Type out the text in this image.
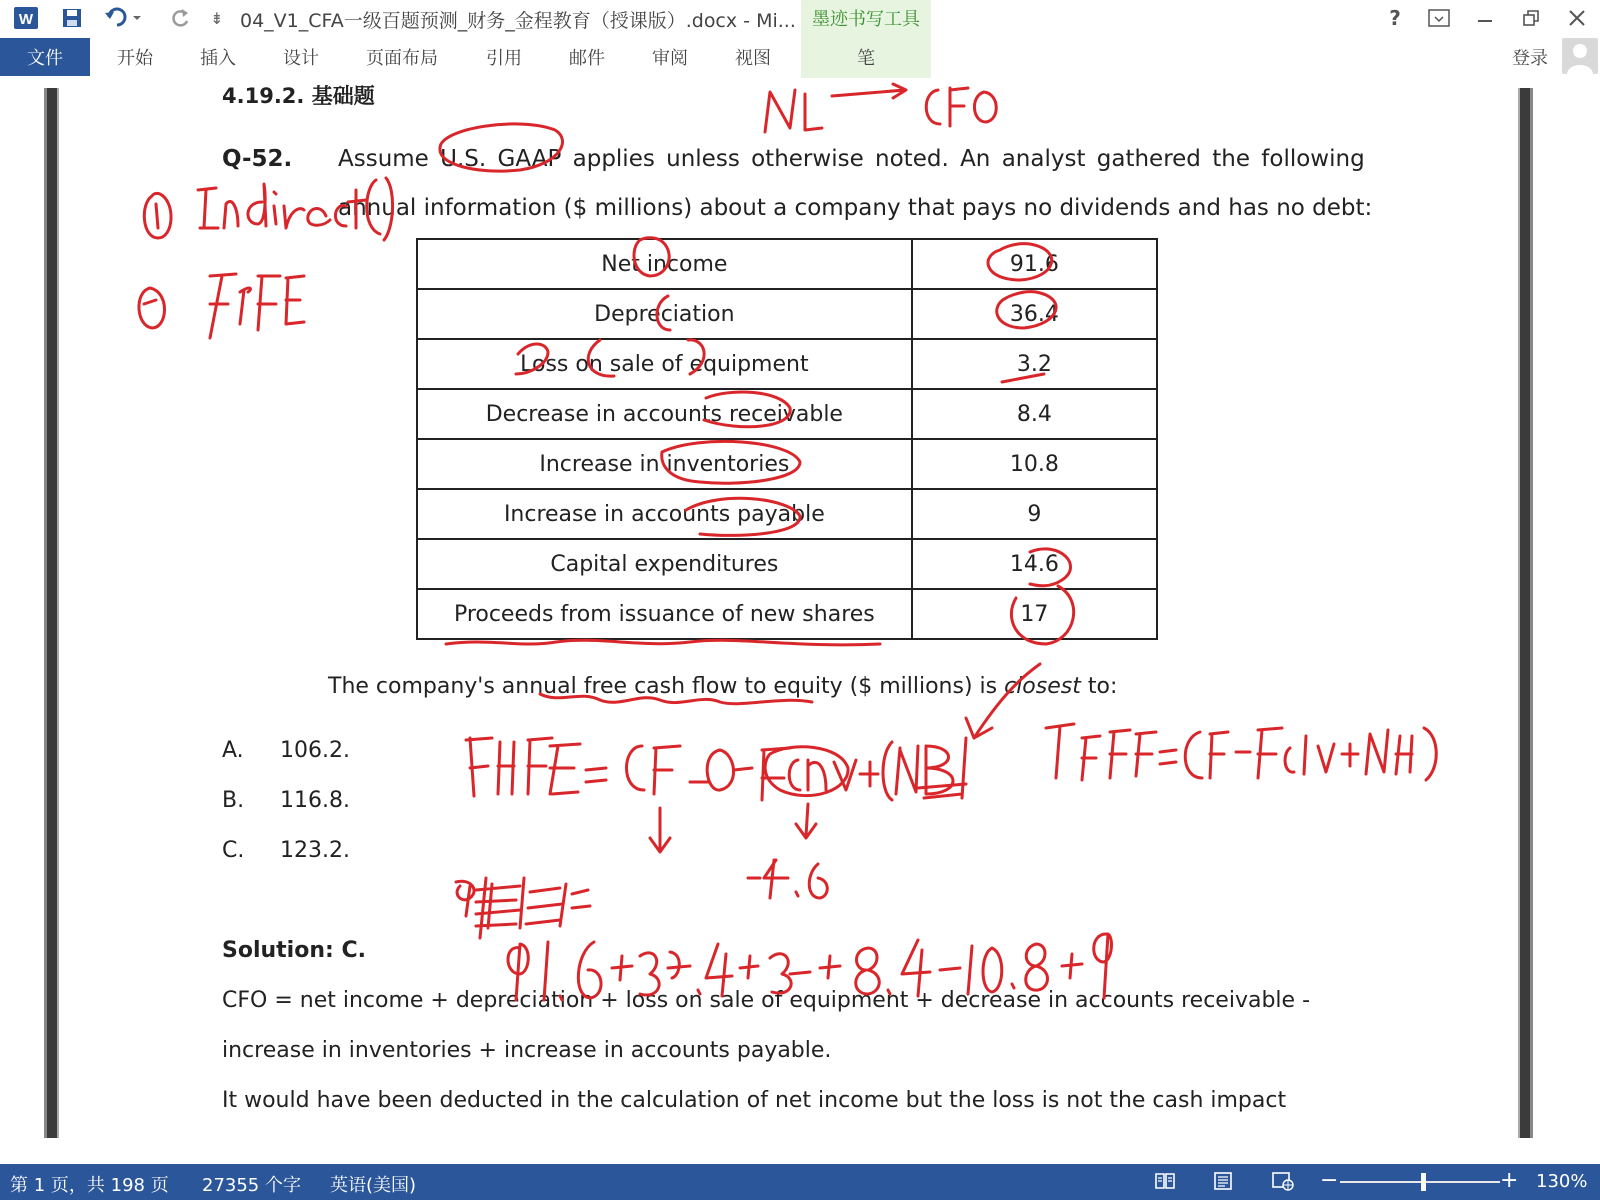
W	⇟ 04_V1_CFA一级百题预测_财务_金程教育（授课版）.docx - Mi... 墨迹书写工具	?
文件	开始	插入	设计	页面布局	引用	邮件	审阅	视图	笔	登录
4.19.2. 基础题
Q-52. Assume U.S. GAAP applies unless otherwise noted. An analyst gathered the following
annual information ($ millions) about a company that pays no dividends and has no debt:
Net income	91.6
Depreciation	36.4
Loss on sale of equipment	3.2
Decrease in accounts receivable	8.4
Increase in inventories	10.8
Increase in accounts payable	9
Capital expenditures	14.6
Proceeds from issuance of new shares	17
The company's annual free cash flow to equity ($ millions) is closest to:
A. 106.2.
B. 116.8.
C. 123.2.
Solution: C.
CFO = net income + depreciation + loss on sale of equipment + decrease in accounts receivable -
increase in inventories + increase in accounts payable.
It would have been deducted in the calculation of net income but the loss is not the cash impact
第 1 页，共 198 页 27355 个字 英语(美国)	−	+ 130%
